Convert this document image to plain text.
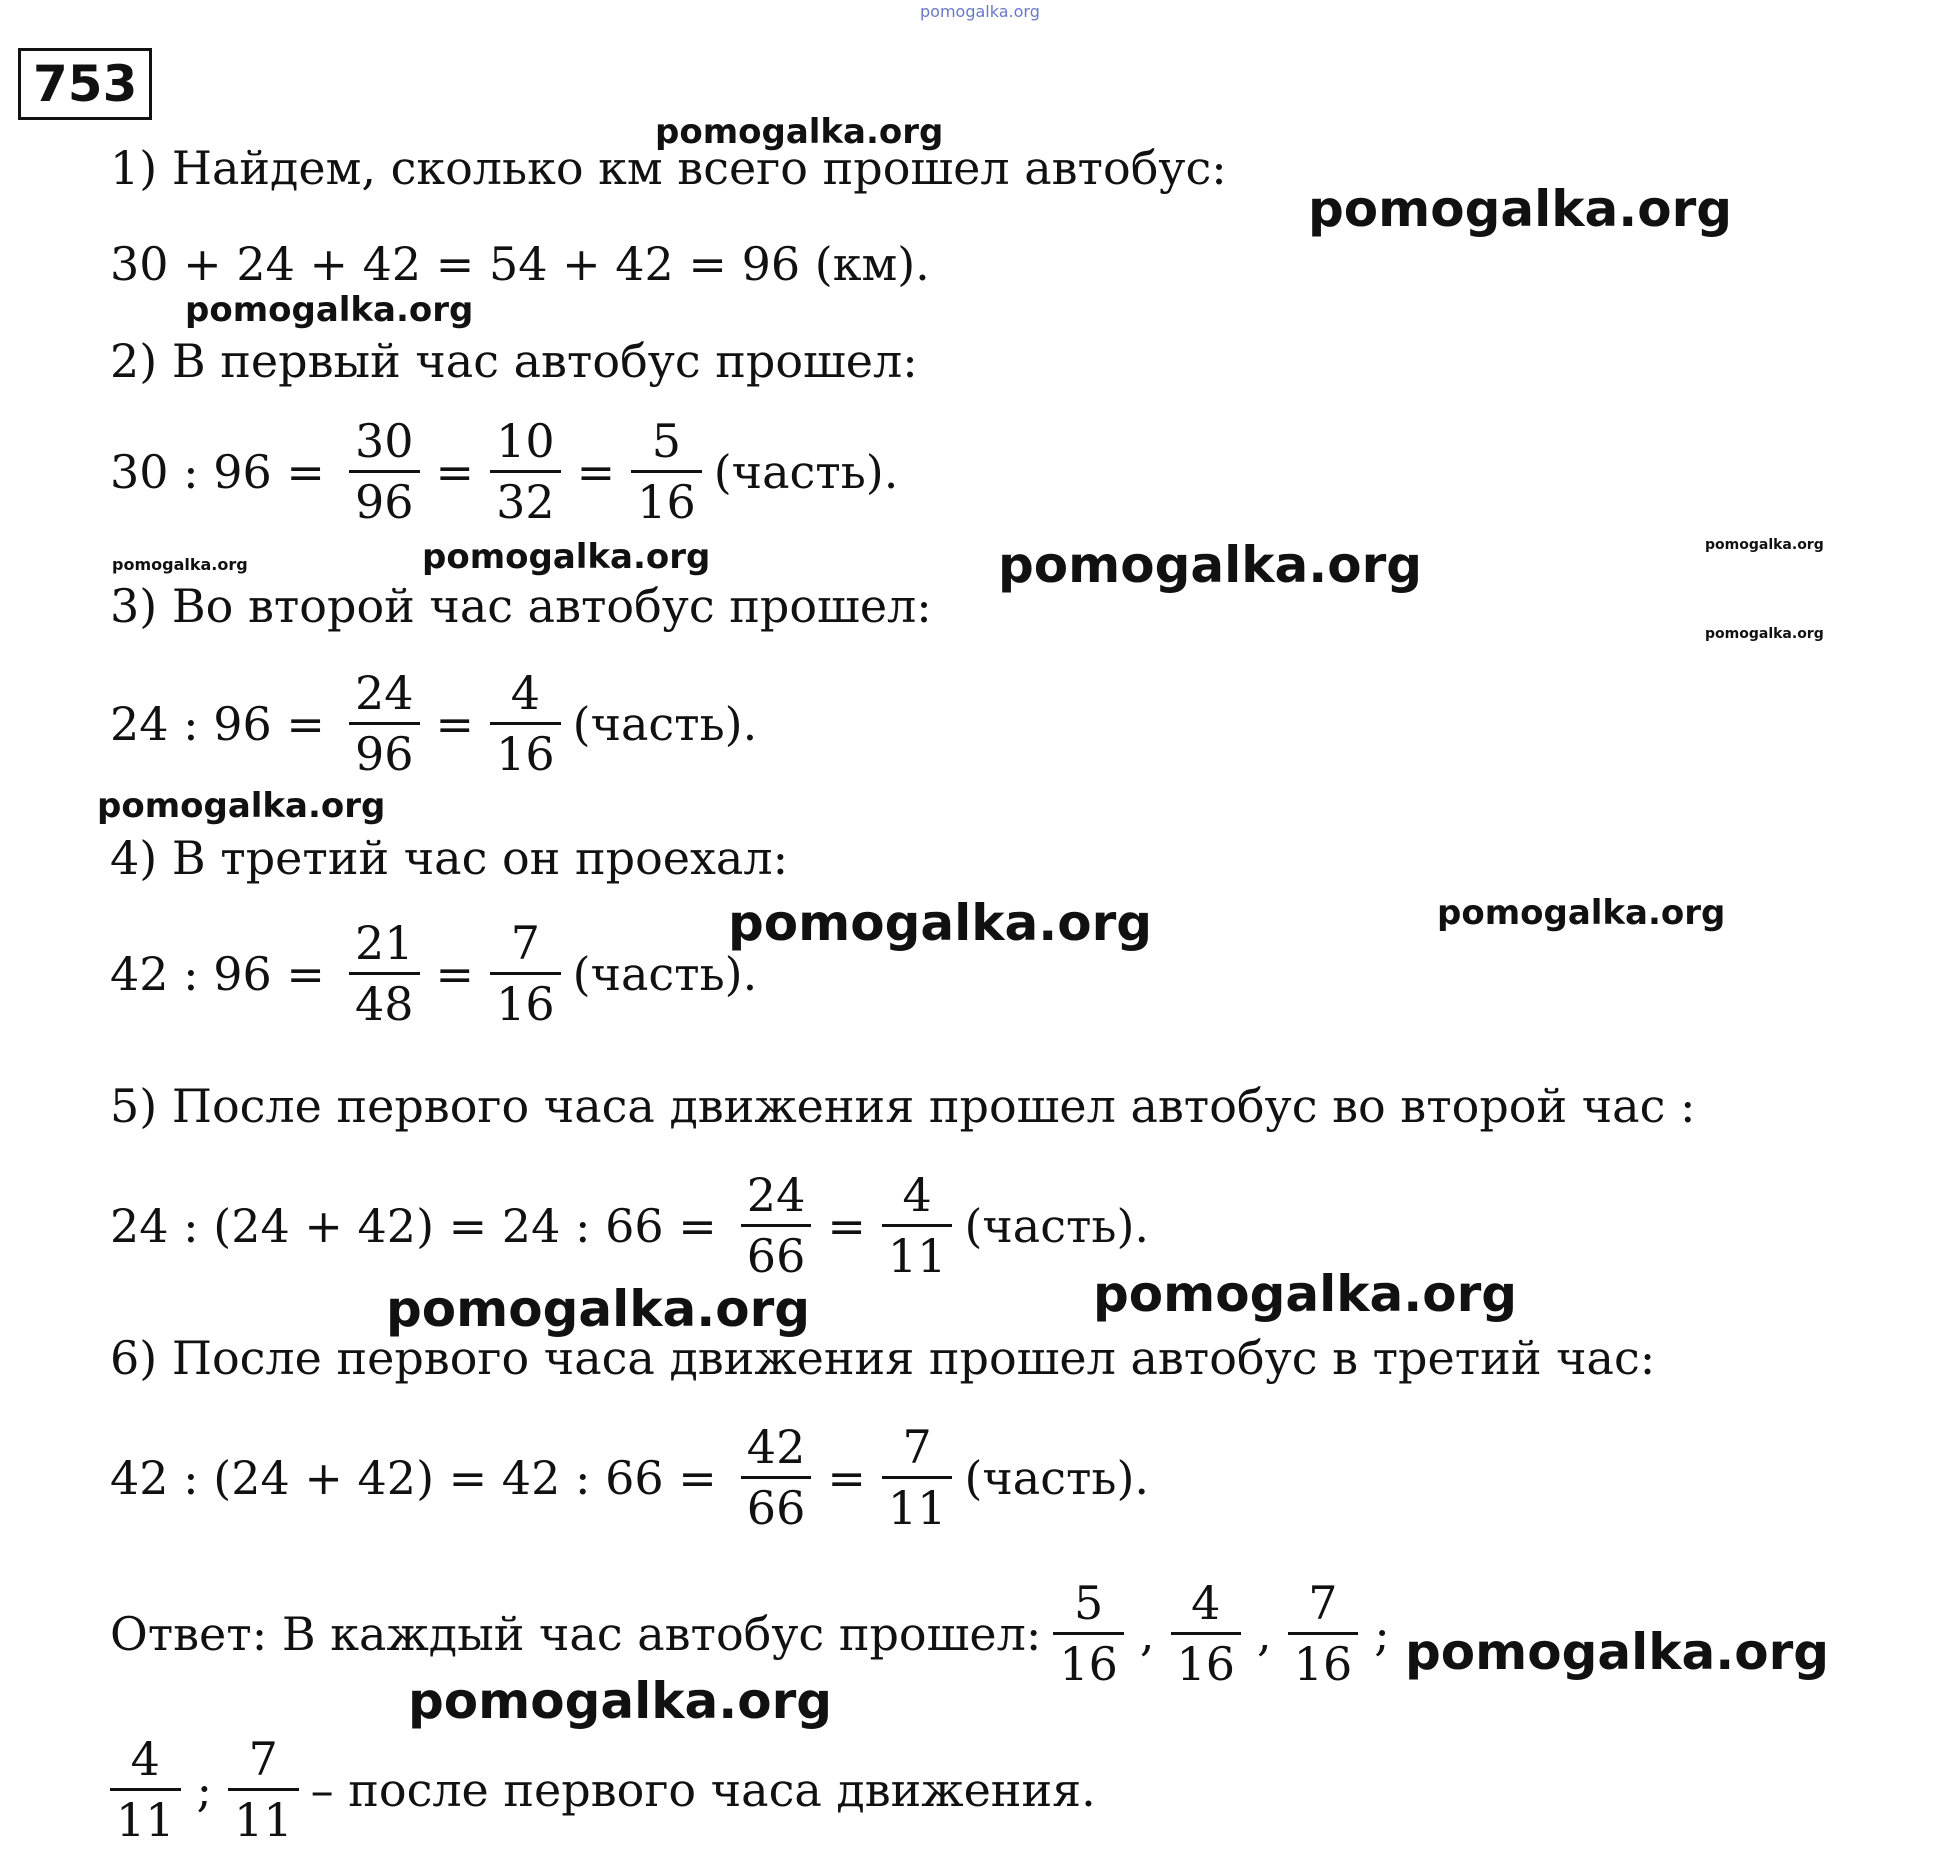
pomogalka.org
753
1) Найдем, сколько км всего прошел автобус:
30 + 24 + 42 = 54 + 42 = 96 (км).
2) В первый час автобус прошел:
30 : $96 = \frac{30}{96} = \frac{10}{32} = \frac{5}{16}$ (часть).
3) Во второй час автобус прошел:
24 : $96 = \frac{24}{96} = \frac{4}{16}$ (часть).
4) В третий час он проехал:
42 : $96 = \frac{21}{48} = \frac{7}{16}$ (часть).
5) После первого часа движения прошел автобус во второй час :
24 : (24 + 42) = 24 : $66 = \frac{24}{66} = \frac{4}{11}$ (часть).
6) После первого часа движения прошел автобус в третий час:
42 : (24 + 42) = 42 : $66 = \frac{42}{66} = \frac{7}{11}$ (часть).
Ответ: В каждый час автобус прошел: $\frac{5}{16}$ , $\frac{4}{16}$ , $\frac{7}{16}$ ;
$\frac{4}{11}$ ; $\frac{7}{11}$ – после первого часа движения.
pomogalka.org
pomogalka.org
pomogalka.org
pomogalka.org	pomogalka.org	pomogalka.org	pomogalka.org
pomogalka.org
pomogalka.org
pomogalka.org	pomogalka.org
pomogalka.org	pomogalka.org
pomogalka.org
pomogalka.org
